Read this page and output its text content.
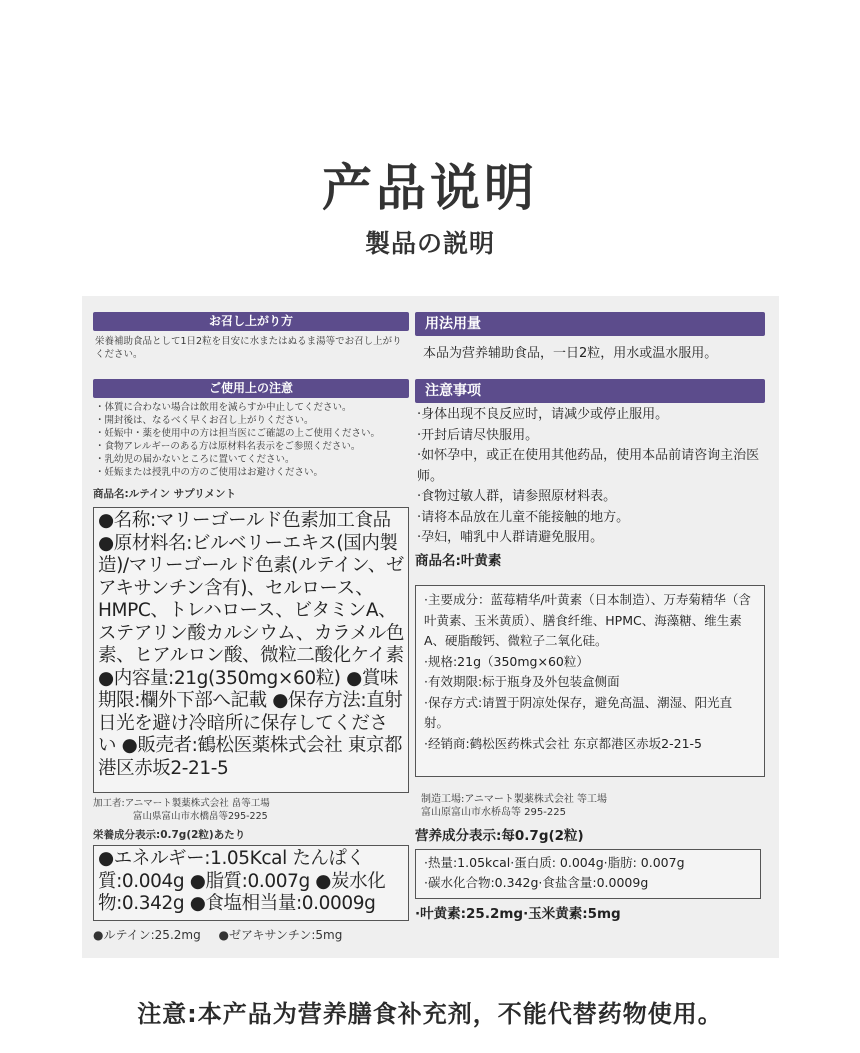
产品说明
製品の説明
お召し上がり方
栄養補助食品として1日2粒を目安に水またはぬるま湯等でお召し上がりください。
ご使用上の注意
・体質に合わない場合は飲用を減らすか中止してください。
・開封後は、なるべく早くお召し上がりください。
・妊娠中・薬を使用中の方は担当医にご確認の上ご使用ください。
・食物アレルギーのある方は原材料名表示をご参照ください。
・乳幼児の届かないところに置いてください。
・妊娠または授乳中の方のご使用はお避けください。
商品名:ルテイン サプリメント
●名称:マリーゴールド色素加工食品 ●原材料名:ビルベリーエキス(国内製造)/マリーゴールド色素(ルテイン、ゼアキサンチン含有)、セルロース、HMPC、トレハロース、ビタミンA、ステアリン酸カルシウム、カラメル色素、ヒアルロン酸、微粒二酸化ケイ素 ●内容量:21g(350mg×60粒) ●賞味期限:欄外下部へ記載 ●保存方法:直射日光を避け冷暗所に保存してください ●販売者:鶴松医薬株式会社 東京都港区赤坂2-21-5
加工者:アニマート製薬株式会社 畠等工場
富山県富山市水橋畠等295-225
栄養成分表示:0.7g(2粒)あたり
●エネルギー:1.05Kcal たんぱく質:0.004g ●脂質:0.007g ●炭水化物:0.342g ●食塩相当量:0.0009g
●ルテイン:25.2mg ●ゼアキサンチン:5mg
用法用量
本品为营养辅助食品，一日2粒，用水或温水服用。
注意事项
·身体出现不良反应时，请减少或停止服用。
·开封后请尽快服用。
·如怀孕中，或正在使用其他药品，使用本品前请咨询主治医师。
·食物过敏人群，请参照原材料表。
·请将本品放在儿童不能接触的地方。
·孕妇，哺乳中人群请避免服用。
商品名:叶黄素
·主要成分：蓝莓精华/叶黄素（日本制造）、万寿菊精华（含叶黄素、玉米黄质）、膳食纤维、HPMC、海藻糖、维生素A、硬脂酸钙、微粒子二氧化硅。
·规格:21g（350mg×60粒）
·有效期限:标于瓶身及外包装盒侧面
·保存方式:请置于阴凉处保存，避免高温、潮湿、阳光直射。
·经销商:鹤松医药株式会社 东京都港区赤坂2-21-5
制造工場:アニマート製薬株式会社 等工場
富山原富山市水桥岛等 295-225
营养成分表示:每0.7g(2粒)
·热量:1.05kcal·蛋白质: 0.004g·脂肪: 0.007g
·碳水化合物:0.342g·食盐含量:0.0009g
·叶黄素:25.2mg·玉米黄素:5mg
注意:本产品为营养膳食补充剂，不能代替药物使用。
